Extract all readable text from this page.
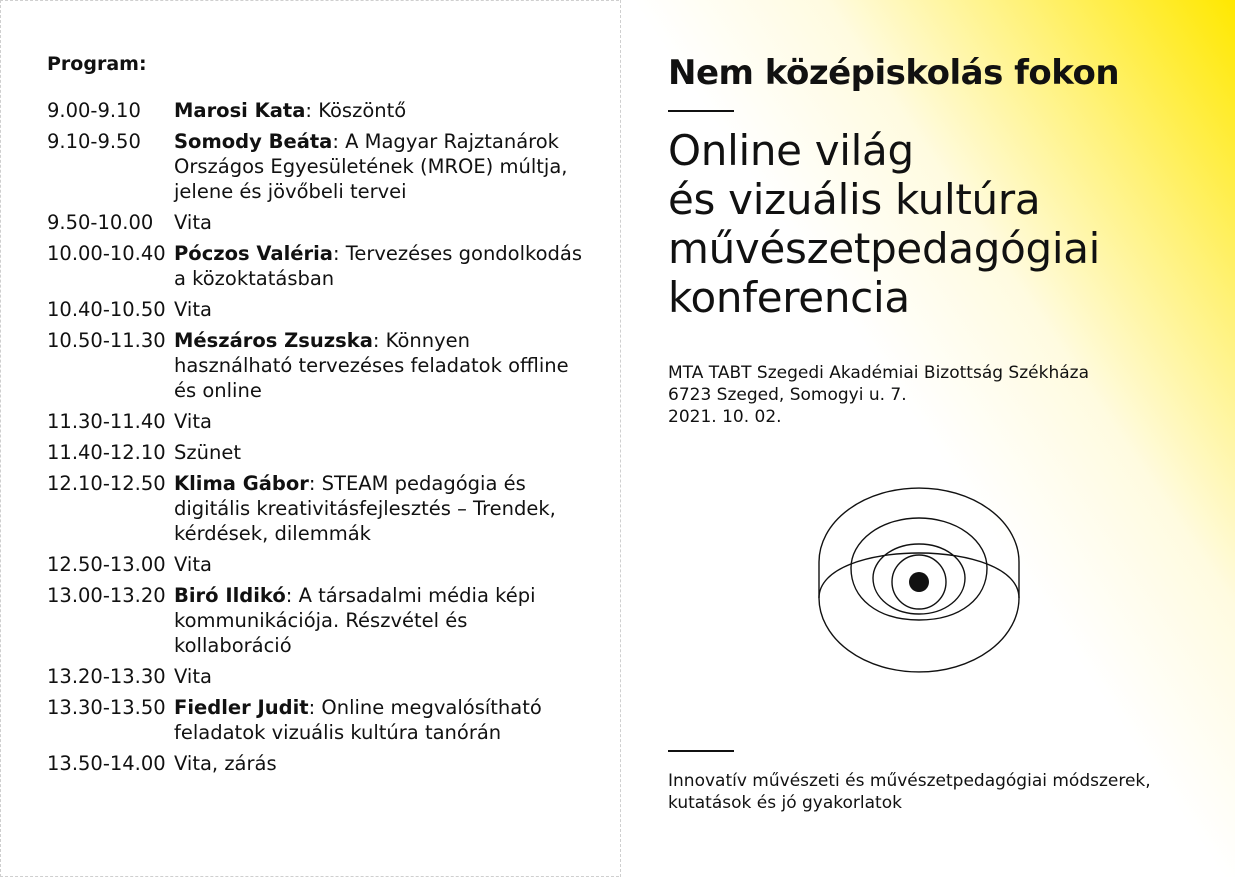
Program:
9.00-9.10	Marosi Kata: Köszöntő
9.10-9.50	Somody Beáta: A Magyar Rajztanárok Országos Egyesületének (MROE) múltja, jelene és jövőbeli tervei
9.50-10.00	Vita
10.00-10.40 Póczos Valéria: Tervezéses gondolkodás a közoktatásban
10.40-10.50 Vita
10.50-11.30 Mészáros Zsuzska: Könnyen használható tervezéses feladatok offline és online
11.30-11.40 Vita
11.40-12.10 Szünet
12.10-12.50 Klima Gábor: STEAM pedagógia és digitális kreativitásfejlesztés – Trendek, kérdések, dilemmák
12.50-13.00 Vita
13.00-13.20 Biró Ildikó: A társadalmi média képi kommunikációja. Részvétel és kollaboráció
13.20-13.30 Vita
13.30-13.50 Fiedler Judit: Online megvalósítható feladatok vizuális kultúra tanórán
13.50-14.00 Vita, zárás
Nem középiskolás fokon
Online világ
és vizuális kultúra
művészetpedagógiai
konferencia
MTA TABT Szegedi Akadémiai Bizottság Székháza
6723 Szeged, Somogyi u. 7.
2021. 10. 02.
Innovatív művészeti és művészetpedagógiai módszerek,
kutatások és jó gyakorlatok
